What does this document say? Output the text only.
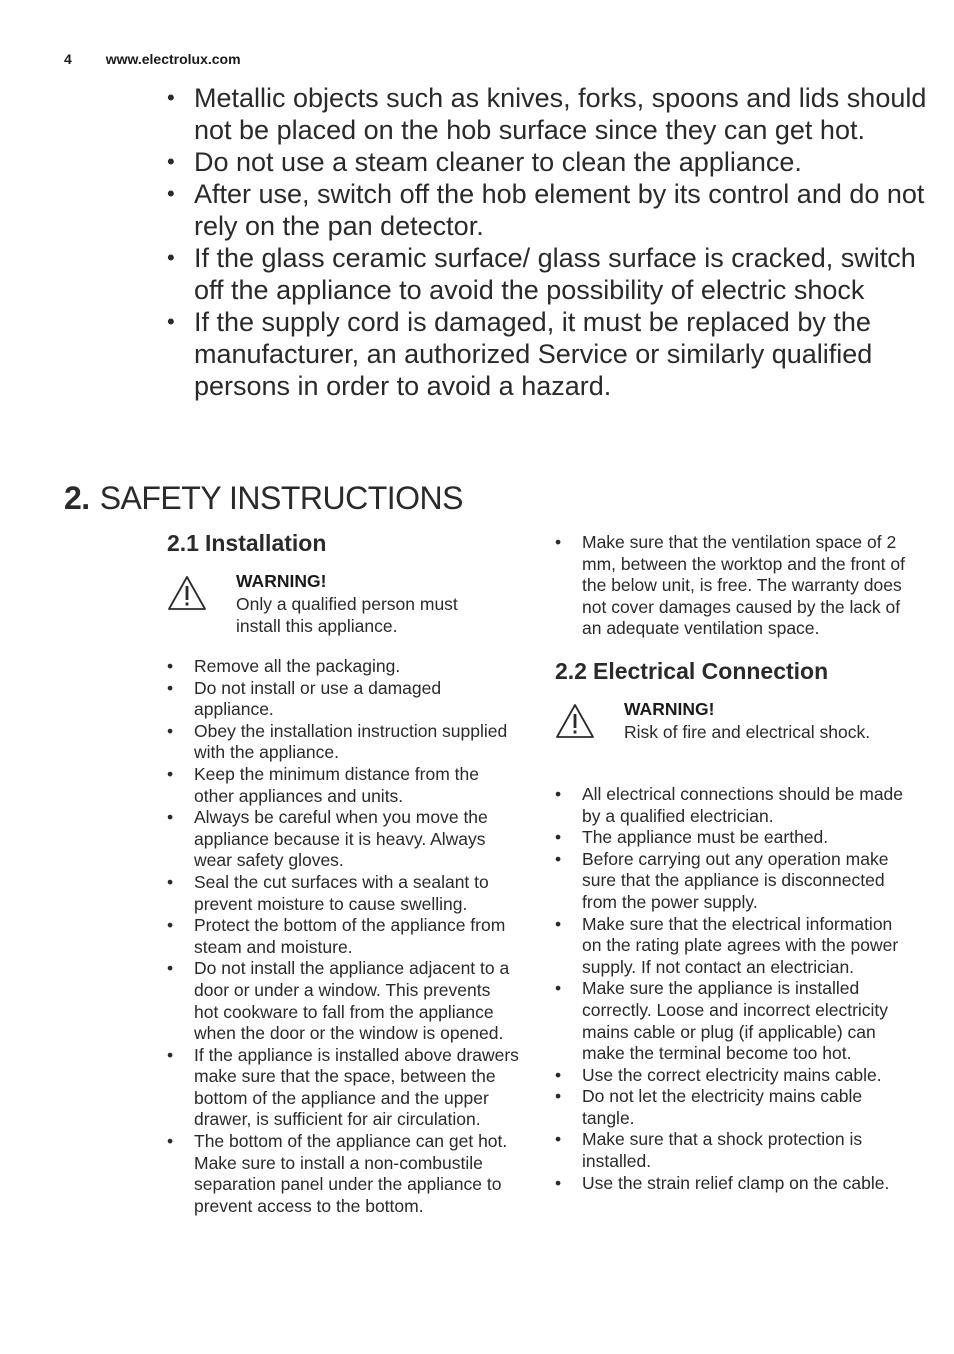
4 www.electrolux.com
• Metallic objects such as knives, forks, spoons and lids should not be placed on the hob surface since they can get hot.
• Do not use a steam cleaner to clean the appliance.
• After use, switch off the hob element by its control and do not rely on the pan detector.
• If the glass ceramic surface/ glass surface is cracked, switch off the appliance to avoid the possibility of electric shock
• If the supply cord is damaged, it must be replaced by the manufacturer, an authorized Service or similarly qualified persons in order to avoid a hazard.
2. SAFETY INSTRUCTIONS
2.1 Installation
WARNING!
Only a qualified person must install this appliance.
• Remove all the packaging.
• Do not install or use a damaged appliance.
• Obey the installation instruction supplied with the appliance.
• Keep the minimum distance from the other appliances and units.
• Always be careful when you move the appliance because it is heavy. Always wear safety gloves.
• Seal the cut surfaces with a sealant to prevent moisture to cause swelling.
• Protect the bottom of the appliance from steam and moisture.
• Do not install the appliance adjacent to a door or under a window. This prevents hot cookware to fall from the appliance when the door or the window is opened.
• If the appliance is installed above drawers make sure that the space, between the bottom of the appliance and the upper drawer, is sufficient for air circulation.
• The bottom of the appliance can get hot. Make sure to install a non-combustile separation panel under the appliance to prevent access to the bottom.
• Make sure that the ventilation space of 2 mm, between the worktop and the front of the below unit, is free. The warranty does not cover damages caused by the lack of an adequate ventilation space.
2.2 Electrical Connection
WARNING!
Risk of fire and electrical shock.
• All electrical connections should be made by a qualified electrician.
• The appliance must be earthed.
• Before carrying out any operation make sure that the appliance is disconnected from the power supply.
• Make sure that the electrical information on the rating plate agrees with the power supply. If not contact an electrician.
• Make sure the appliance is installed correctly. Loose and incorrect electricity mains cable or plug (if applicable) can make the terminal become too hot.
• Use the correct electricity mains cable.
• Do not let the electricity mains cable tangle.
• Make sure that a shock protection is installed.
• Use the strain relief clamp on the cable.
